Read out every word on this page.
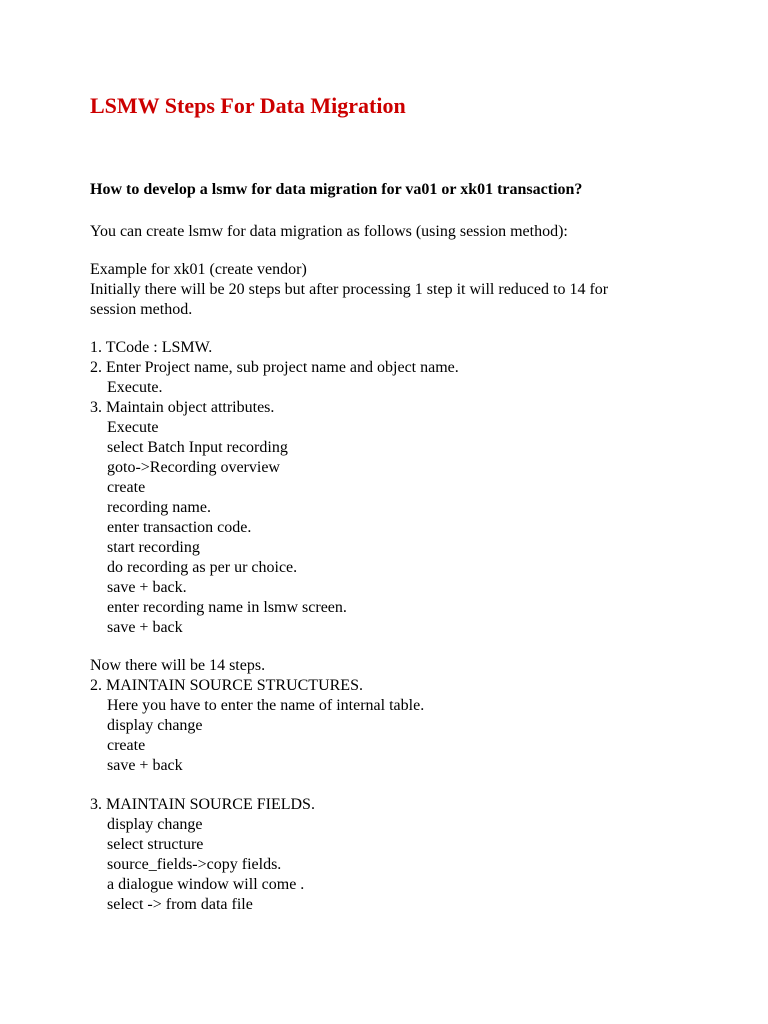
LSMW Steps For Data Migration

How to develop a lsmw for data migration for va01 or xk01 transaction?

You can create lsmw for data migration as follows (using session method):

Example for xk01 (create vendor)

Initially there will be 20 steps but after processing 1 step it will reduced to 14 for

session method.

1. TCode : LSMW.

2. Enter Project name, sub project name and object name.

Execute.

3. Maintain object attributes.

Execute

select Batch Input recording

goto->Recording overview

create

recording name.

enter transaction code.

start recording

do recording as per ur choice.

save + back.

enter recording name in lsmw screen.

save + back

Now there will be 14 steps.

2. MAINTAIN SOURCE STRUCTURES.

Here you have to enter the name of internal table.

display change

create

save + back

3. MAINTAIN SOURCE FIELDS.

display change

select structure

source_fields->copy fields.

a dialogue window will come .

select -> from data file
